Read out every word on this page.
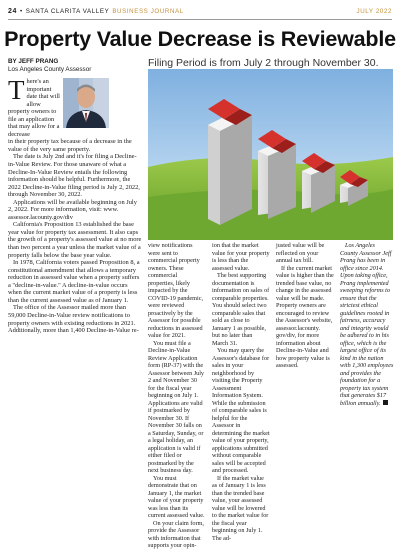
24 • SANTA CLARITA VALLEY BUSINESS JOURNAL	JULY 2022
Property Value Decrease is Reviewable
BY JEFF PRANG
Los Angeles County Assessor
Filing Period is from July 2 through November 30.
There's an important date that will allow property owners to file an application that may allow for a decrease

in their property tax because of a decrease in the value of the very same property.

The date is July 2nd and it's for filing a Decline-in-Value Review. For those unaware of what a Decline-In-Value Review entails the following information should be helpful. Furthermore, the 2022 Decline-in-Value filing period is July 2, 2022, through November 30, 2022.

Applications will be available beginning on July 2, 2022. For more information, visit: www. assessor.lacounty.gov/div

California's Proposition 13 established the base year value for property tax assessment. It also caps the growth of a property's assessed value at no more than two percent a year unless the market value of a property falls below the base year value.

In 1978, California voters passed Proposition 8, a constitutional amendment that allows a temporary reduction in assessed value when a property suffers a "decline-in-value." A decline-in-value occurs when the current market value of a property is less than the current assessed value as of January 1.

The office of the Assessor mailed more than 59,000 Decline-in-Value review notifications to property owners with existing reductions in 2021. Additionally, more than 1,400 Decline-in-Value re-

view notifications were sent to commercial property owners. These commercial properties, likely impacted by the COVID-19 pandemic, were reviewed proactively by the Assessor for possible reductions in assessed value for 2021.

You must file a Decline-in-Value Review Application form (RP-37) with the Assessor between July 2 and November 30 for the fiscal year beginning on July 1. Applications are valid if postmarked by November 30. If November 30 falls on a Saturday, Sunday, or a legal holiday, an application is valid if either filed or postmarked by the next business day.

You must demonstrate that on January 1, the market value of your property was less than its current assessed value.

On your claim form, provide the Assessor with information that supports your opin-

ion that the market value for your property is less than the assessed value.

The best supporting documentation is information on sales of comparable properties. You should select two comparable sales that sold as close to January 1 as possible, but no later than March 31.

You may query the Assessor's database for sales in your neighborhood by visiting the Property Assessment Information System. While the submission of comparable sales is helpful for the Assessor in determining the market value of your property, applications submitted without comparable sales will be accepted and processed.

If the market value as of January 1 is less than the trended base value, your assessed value will be lowered to the market value for the fiscal year beginning on July 1. The ad-

justed value will be reflected on your annual tax bill.

If the current market value is higher than the trended base value, no change in the assessed value will be made. Property owners are encouraged to review the Assessor's website, assessor.lacounty. gov/div, for more information about Decline-in-Value and how property value is assessed.

Los Angeles County Assessor Jeff Prang has been in office since 2014. Upon taking office, Prang implemented sweeping reforms to ensure that the strictest ethical guidelines rooted in fairness, accuracy and integrity would be adhered to in his office, which is the largest office of its kind in the nation with 1,300 employees and provides the foundation for a property tax system that generates $17 billion annually.
